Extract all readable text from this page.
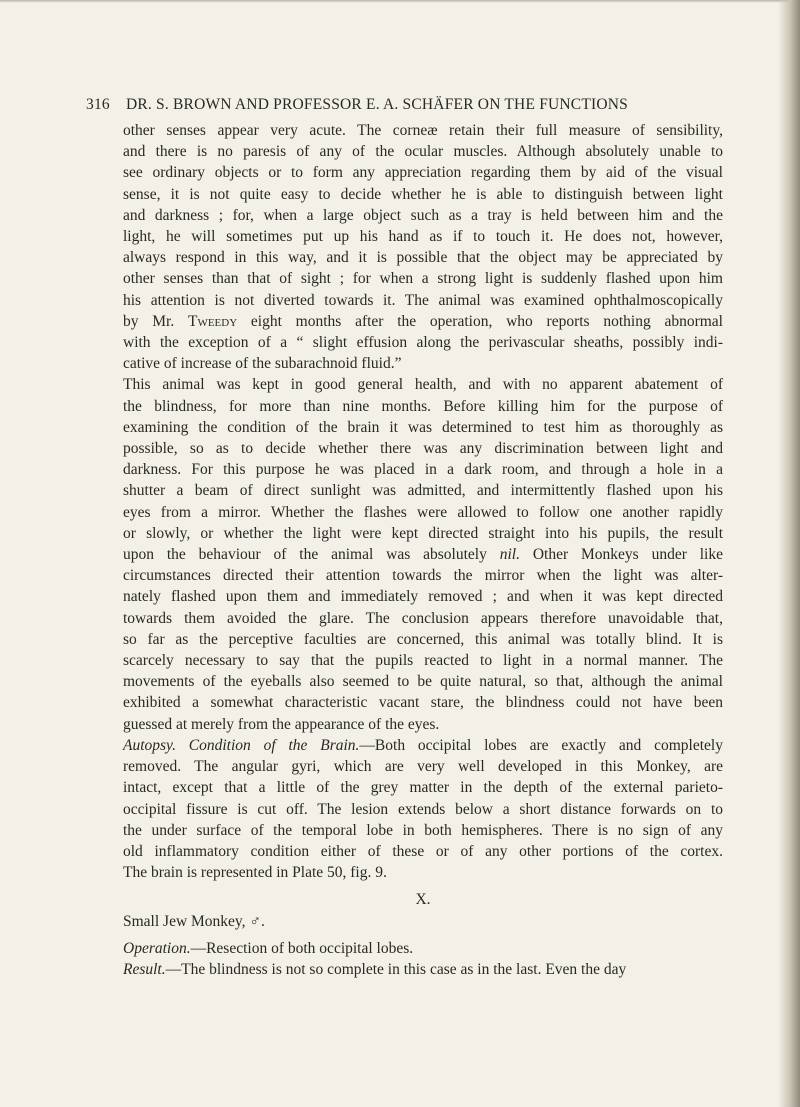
316 DR. S. BROWN AND PROFESSOR E. A. SCHÄFER ON THE FUNCTIONS
other senses appear very acute. The corneæ retain their full measure of sensibility,
and there is no paresis of any of the ocular muscles. Although absolutely unable to
see ordinary objects or to form any appreciation regarding them by aid of the visual
sense, it is not quite easy to decide whether he is able to distinguish between light
and darkness ; for, when a large object such as a tray is held between him and the
light, he will sometimes put up his hand as if to touch it. He does not, however,
always respond in this way, and it is possible that the object may be appreciated by
other senses than that of sight ; for when a strong light is suddenly flashed upon him
his attention is not diverted towards it. The animal was examined ophthalmoscopically
by Mr. Tweedy eight months after the operation, who reports nothing abnormal
with the exception of a “ slight effusion along the perivascular sheaths, possibly indi-
cative of increase of the subarachnoid fluid.”
This animal was kept in good general health, and with no apparent abatement of
the blindness, for more than nine months. Before killing him for the purpose of
examining the condition of the brain it was determined to test him as thoroughly as
possible, so as to decide whether there was any discrimination between light and
darkness. For this purpose he was placed in a dark room, and through a hole in a
shutter a beam of direct sunlight was admitted, and intermittently flashed upon his
eyes from a mirror. Whether the flashes were allowed to follow one another rapidly
or slowly, or whether the light were kept directed straight into his pupils, the result
upon the behaviour of the animal was absolutely nil. Other Monkeys under like
circumstances directed their attention towards the mirror when the light was alter-
nately flashed upon them and immediately removed ; and when it was kept directed
towards them avoided the glare. The conclusion appears therefore unavoidable that,
so far as the perceptive faculties are concerned, this animal was totally blind. It is
scarcely necessary to say that the pupils reacted to light in a normal manner. The
movements of the eyeballs also seemed to be quite natural, so that, although the animal
exhibited a somewhat characteristic vacant stare, the blindness could not have been
guessed at merely from the appearance of the eyes.
Autopsy. Condition of the Brain.—Both occipital lobes are exactly and completely
removed. The angular gyri, which are very well developed in this Monkey, are
intact, except that a little of the grey matter in the depth of the external parieto-
occipital fissure is cut off. The lesion extends below a short distance forwards on to
the under surface of the temporal lobe in both hemispheres. There is no sign of any
old inflammatory condition either of these or of any other portions of the cortex.
The brain is represented in Plate 50, fig. 9.
X.
Small Jew Monkey, ♂.
Operation.—Resection of both occipital lobes.
Result.—The blindness is not so complete in this case as in the last. Even the day
